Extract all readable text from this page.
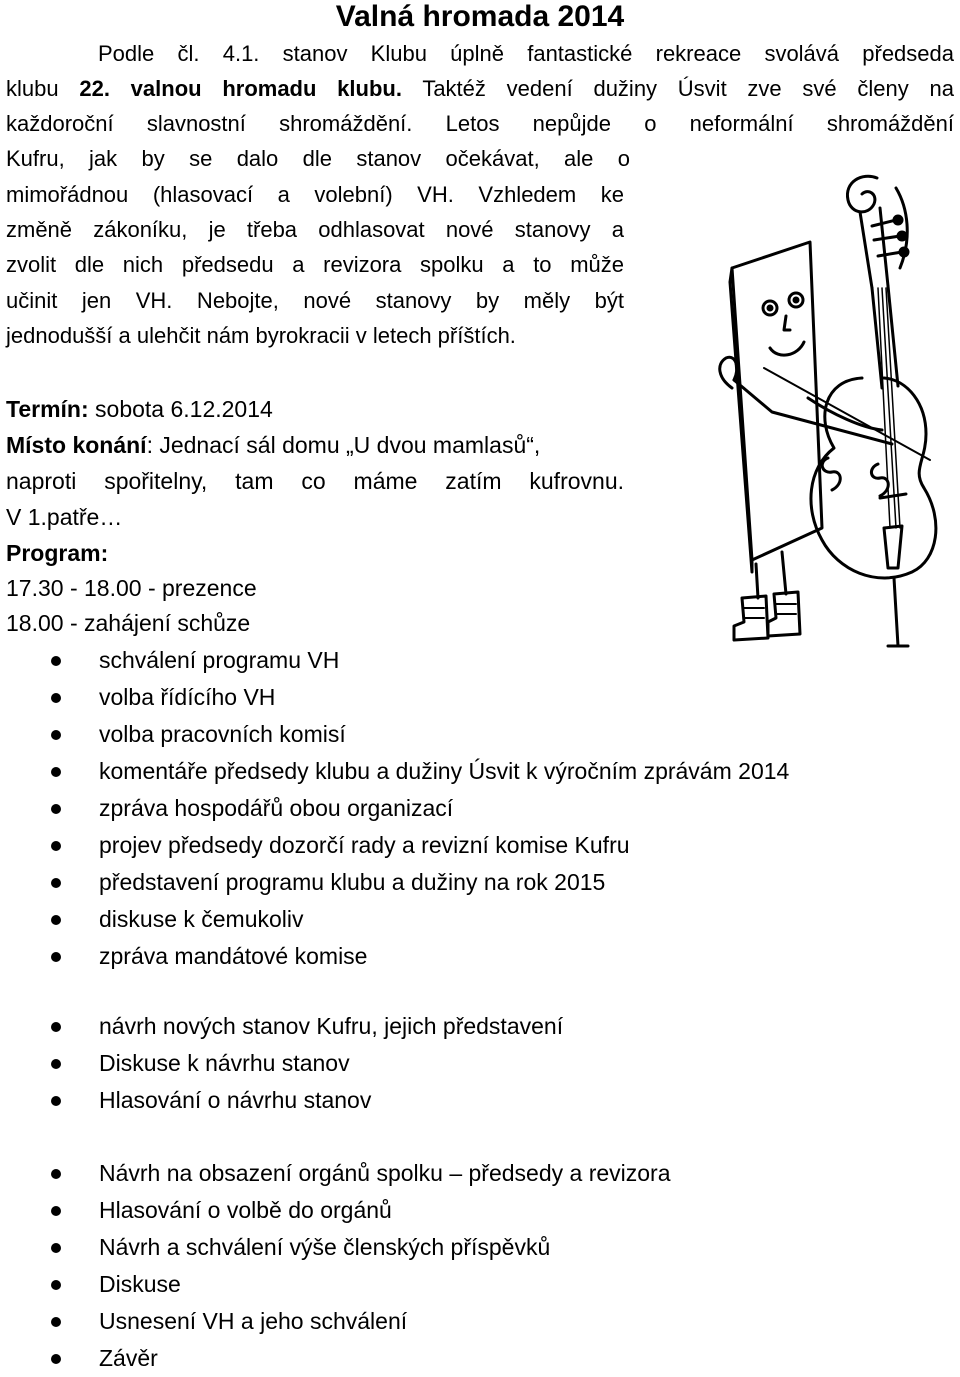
Valná hromada 2014
Podle čl. 4.1. stanov Klubu úplně fantastické rekreace svolává předseda
klubu 22. valnou hromadu klubu. Taktéž vedení dužiny Úsvit zve své členy na
každoroční slavnostní shromáždění. Letos nepůjde o neformální shromáždění
Kufru, jak by se dalo dle stanov očekávat, ale o
mimořádnou (hlasovací a volební) VH. Vzhledem ke
změně zákoníku, je třeba odhlasovat nové stanovy a
zvolit dle nich předsedu a revizora spolku a to může
učinit jen VH. Nebojte, nové stanovy by měly být
jednodušší a ulehčit nám byrokracii v letech příštích.
Termín: sobota 6.12.2014
Místo konání: Jednací sál domu „U dvou mamlasů“,
naproti spořitelny, tam co máme zatím kufrovnu.
V 1.patře…
Program:
17.30 - 18.00 - prezence
18.00 - zahájení schůze
schválení programu VH
volba řídícího VH
volba pracovních komisí
komentáře předsedy klubu a dužiny Úsvit k výročním zprávám 2014
zpráva hospodářů obou organizací
projev předsedy dozorčí rady a revizní komise Kufru
představení programu klubu a dužiny na rok 2015
diskuse k čemukoliv
zpráva mandátové komise
návrh nových stanov Kufru, jejich představení
Diskuse k návrhu stanov
Hlasování o návrhu stanov
Návrh na obsazení orgánů spolku – předsedy a revizora
Hlasování o volbě do orgánů
Návrh a schválení výše členských příspěvků
Diskuse
Usnesení VH a jeho schválení
Závěr
